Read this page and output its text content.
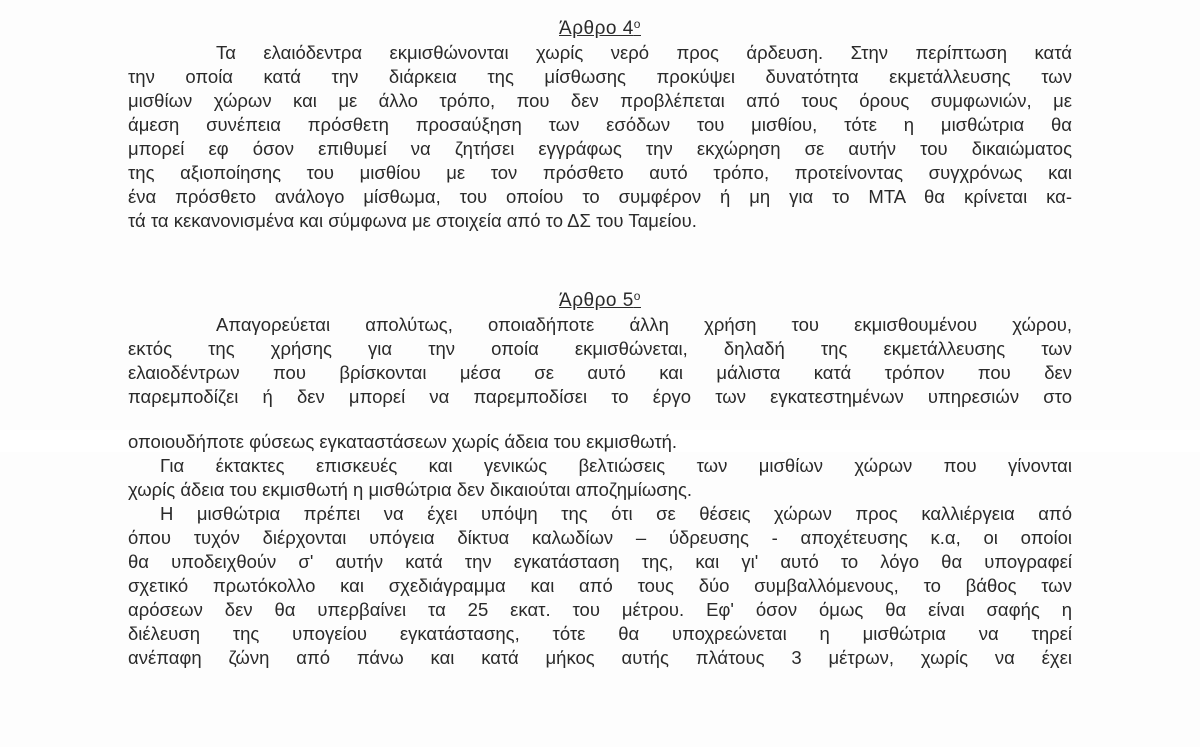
Άρθρο $4^o$
Τα ελαιόδεντρα εκμισθώνονται χωρίς νερό προς άρδευση. Στην περίπτωση κατά
την οποία κατά την διάρκεια της μίσθωσης προκύψει δυνατότητα εκμετάλλευσης των
μισθίων χώρων και με άλλο τρόπο, που δεν προβλέπεται από τους όρους συμφωνιών, με
άμεση συνέπεια πρόσθετη προσαύξηση των εσόδων του μισθίου, τότε η μισθώτρια θα
μπορεί εφ όσον επιθυμεί να ζητήσει εγγράφως την εκχώρηση σε αυτήν του δικαιώματος
της αξιοποίησης του μισθίου με τον πρόσθετο αυτό τρόπο, προτείνοντας συγχρόνως και
ένα πρόσθετο ανάλογο μίσθωμα, του οποίου το συμφέρον ή μη για το ΜΤΑ θα κρίνεται κα-
τά τα κεκανονισμένα και σύμφωνα με στοιχεία από το ΔΣ του Ταμείου.
Άρθρο $5^o$
Απαγορεύεται απολύτως, οποιαδήποτε άλλη χρήση του εκμισθουμένου χώρου,
εκτός της χρήσης για την οποία εκμισθώνεται, δηλαδή της εκμετάλλευσης των
ελαιοδέντρων που βρίσκονται μέσα σε αυτό και μάλιστα κατά τρόπον που δεν
παρεμποδίζει ή δεν μπορεί να παρεμποδίσει το έργο των εγκατεστημένων υπηρεσιών στο
οποιουδήποτε φύσεως εγκαταστάσεων χωρίς άδεια του εκμισθωτή.
Για έκτακτες επισκευές και γενικώς βελτιώσεις των μισθίων χώρων που γίνονται
χωρίς άδεια του εκμισθωτή η μισθώτρια δεν δικαιούται αποζημίωσης.
Η μισθώτρια πρέπει να έχει υπόψη της ότι σε θέσεις χώρων προς καλλιέργεια από
όπου τυχόν διέρχονται υπόγεια δίκτυα καλωδίων – ύδρευσης - αποχέτευσης κ.α, οι οποίοι
θα υποδειχθούν σ' αυτήν κατά την εγκατάσταση της, και γι' αυτό το λόγο θα υπογραφεί
σχετικό πρωτόκολλο και σχεδιάγραμμα και από τους δύο συμβαλλόμενους, το βάθος των
αρόσεων δεν θα υπερβαίνει τα 25 εκατ. του μέτρου. Εφ' όσον όμως θα είναι σαφής η
διέλευση της υπογείου εγκατάστασης, τότε θα υποχρεώνεται η μισθώτρια να τηρεί
ανέπαφη ζώνη από πάνω και κατά μήκος αυτής πλάτους 3 μέτρων, χωρίς να έχει
